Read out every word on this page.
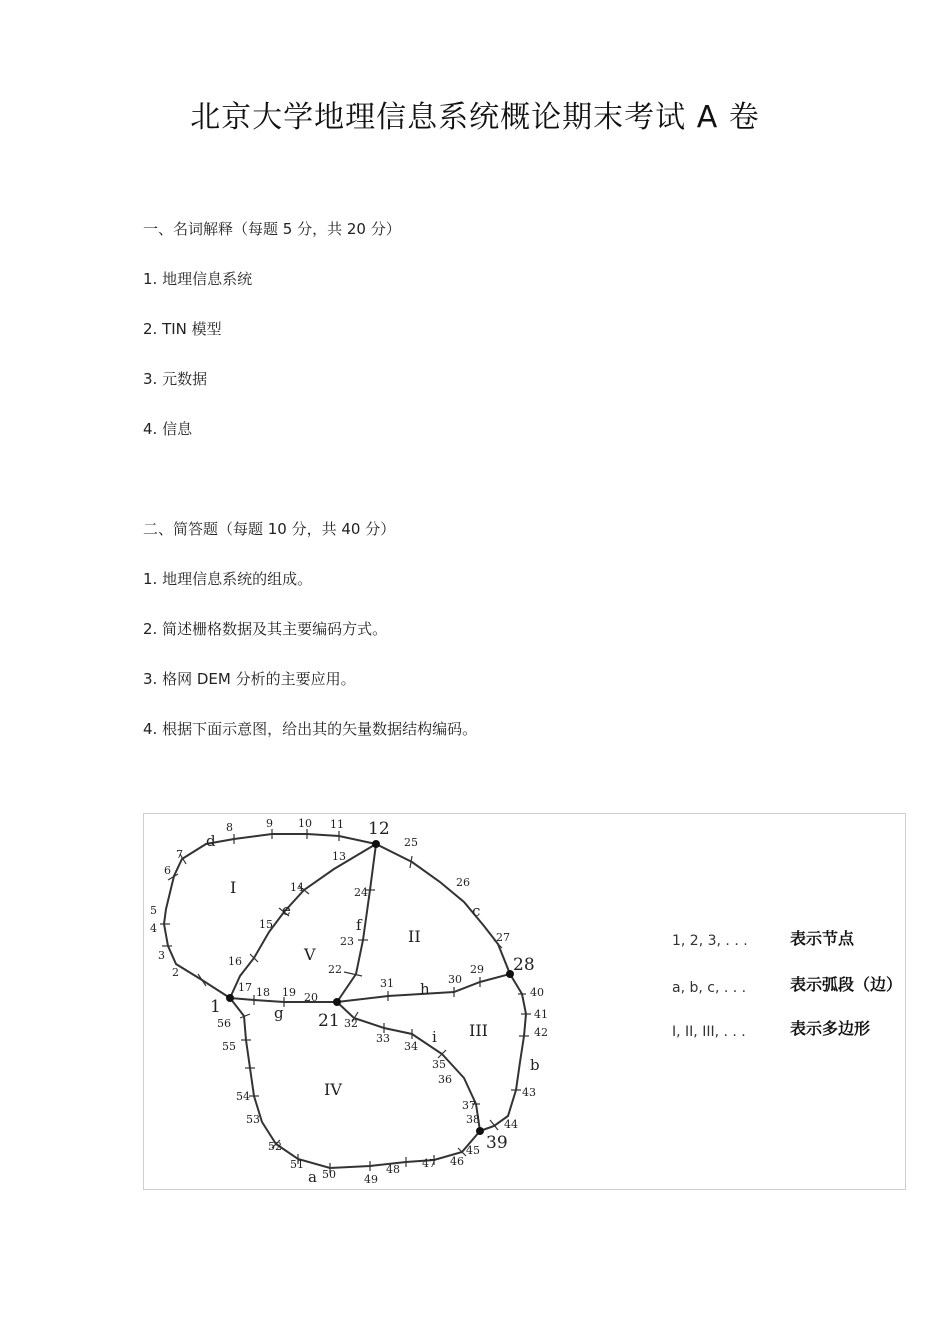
北京大学地理信息系统概论期末考试 A 卷
一、名词解释（每题 5 分，共 20 分）
1. 地理信息系统
2. TIN 模型
3. 元数据
4. 信息
二、简答题（每题 10 分，共 40 分）
1. 地理信息系统的组成。
2. 简述栅格数据及其主要编码方式。
3. 格网 DEM 分析的主要应用。
4. 根据下面示意图，给出其的矢量数据结构编码。
1
12
21
28
39
2
3
4
5
6
7
8	9 10 11
13
14
15
16
17 18 19 20
22
23
24
25
26
27
29
30
31
32
33
34
35
36
37
38
40
41
42
43
44
45
46
47
48
49
50
51
52
53
54
55
56
a
b
c
d
e
f
g
h
i
I
II
III
IV
V
1, 2, 3, . . .	表示节点
a, b, c, . . .	表示弧段（边）
I, II, III, . . .	表示多边形
